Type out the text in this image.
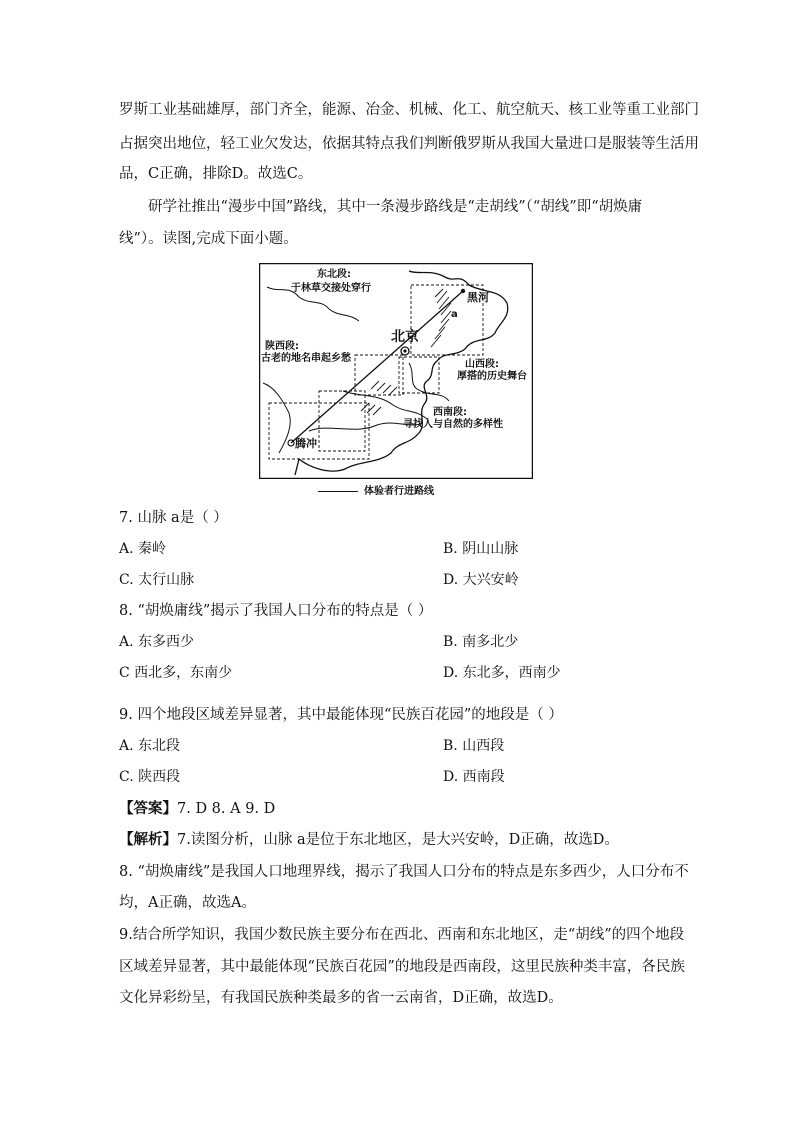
罗斯工业基础雄厚，部门齐全，能源、冶金、机械、化工、航空航天、核工业等重工业部门
占据突出地位，轻工业欠发达，依据其特点我们判断俄罗斯从我国大量进口是服装等生活用
品，C正确，排除D。故选C。
研学社推出“漫步中国”路线，其中一条漫步路线是“走胡线”（“胡线”即“胡焕庸
线”）。读图,完成下面小题。
东北段:
于林草交接处穿行
黑河
a
北京
陕西段:
古老的地名串起乡愁
山西段:
厚搭的历史舞台
西南段:
寻找人与自然的多样性
腾冲
体验者行进路线
7. 山脉 a是（ ）
A. 秦岭	B. 阴山山脉
C. 太行山脉	D. 大兴安岭
8. “胡焕庸线”揭示了我国人口分布的特点是（ ）
A. 东多西少	B. 南多北少
C 西北多，东南少	D. 东北多，西南少
9. 四个地段区域差异显著，其中最能体现“民族百花园”的地段是（ ）
A. 东北段	B. 山西段
C. 陕西段	D. 西南段
【答案】7. D 8. A 9. D
【解析】7.读图分析，山脉 a是位于东北地区，是大兴安岭，D正确，故选D。
8. “胡焕庸线”是我国人口地理界线，揭示了我国人口分布的特点是东多西少，人口分布不
均，A正确，故选A。
9.结合所学知识，我国少数民族主要分布在西北、西南和东北地区，走“胡线”的四个地段
区域差异显著，其中最能体现“民族百花园”的地段是西南段，这里民族种类丰富，各民族
文化异彩纷呈，有我国民族种类最多的省一云南省，D正确，故选D。
